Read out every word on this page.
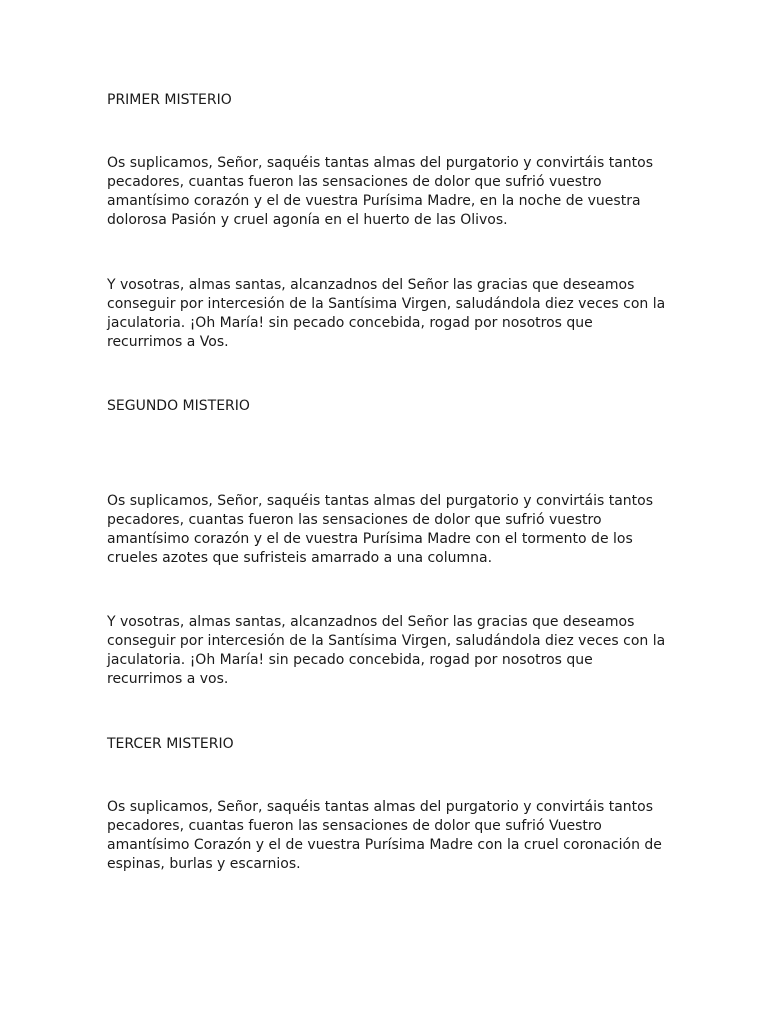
PRIMER MISTERIO

Os suplicamos, Señor, saquéis tantas almas del purgatorio y convirtáis tantos pecadores, cuantas fueron las sensaciones de dolor que sufrió vuestro amantísimo corazón y el de vuestra Purísima Madre, en la noche de vuestra dolorosa Pasión y cruel agonía en el huerto de las Olivos.

Y vosotras, almas santas, alcanzadnos del Señor las gracias que deseamos conseguir por intercesión de la Santísima Virgen, saludándola diez veces con la jaculatoria. ¡Oh María! sin pecado concebida, rogad por nosotros que recurrimos a Vos.

SEGUNDO MISTERIO

Os suplicamos, Señor, saquéis tantas almas del purgatorio y convirtáis tantos pecadores, cuantas fueron las sensaciones de dolor que sufrió vuestro amantísimo corazón y el de vuestra Purísima Madre con el tormento de los crueles azotes que sufristeis amarrado a una columna.

Y vosotras, almas santas, alcanzadnos del Señor las gracias que deseamos conseguir por intercesión de la Santísima Virgen, saludándola diez veces con la jaculatoria. ¡Oh María! sin pecado concebida, rogad por nosotros que recurrimos a vos.

TERCER MISTERIO

Os suplicamos, Señor, saquéis tantas almas del purgatorio y convirtáis tantos pecadores, cuantas fueron las sensaciones de dolor que sufrió Vuestro amantísimo Corazón y el de vuestra Purísima Madre con la cruel coronación de espinas, burlas y escarnios.
